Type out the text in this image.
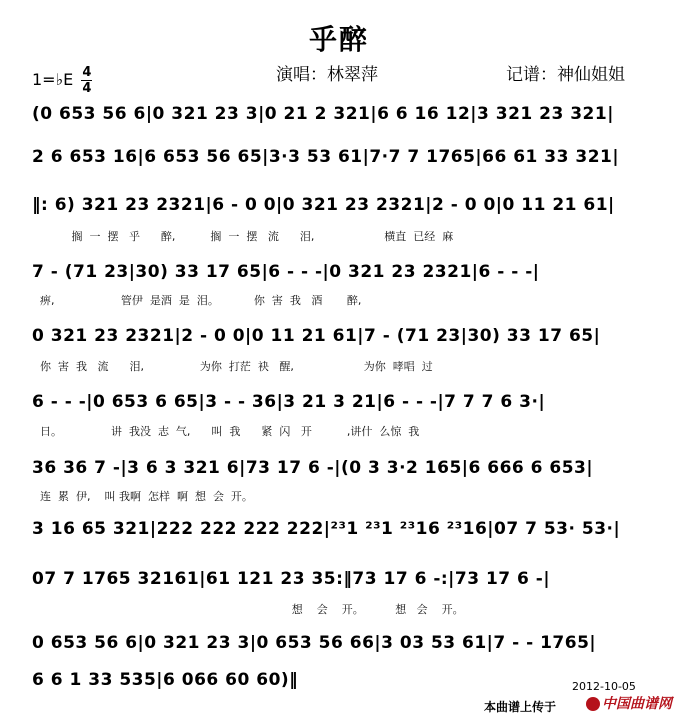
乎醉
演唱：林翠萍	记谱：神仙姐姐
1=♭E $\frac{4}{4}$
(0 653 56 6|0 321 23 3|0 21 2 321|6 6 16 12|3 321 23 321|
2 6 653 16|6 653 56 65|3·3 53 61|7·7 7 1765|66 61 33 321|
‖: 6) 321 23 2321|6 - 0 0|0 321 23 2321|2 - 0 0|0 11 21 61|
搁  一  摆   乎      醉,          搁  一  摆   流      泪,                    横直  已经  麻
7 - (71 23|30) 33 17 65|6 - - -|0 321 23 2321|6 - - -|
痹,                   管伊  是酒  是  泪。          你  害  我   酒       醉,
0 321 23 2321|2 - 0 0|0 11 21 61|7 - (71 23|30) 33 17 65|
你  害  我   流      泪,                为你  打茫  袂   醒,                    为你  哮唱  过
6 - - -|0 653 6 65|3 - - 36|3 21 3 21|6 - - -|7 7 7 6 3·|
日。              讲  我没  志  气,      叫  我      紧  闪   开          ,讲什  么惊  我
36 36 7 -|3 6 3 321 6|73 17 6 -|(0 3 3·2 165|6 666 6 653|
连  累  伊,    叫 我啊  怎样  啊  想  会  开。
3 16 65 321|222 222 222 222|²³1 ²³1 ²³16 ²³16|07 7 53· 53·|
07 7 1765 32161|61 121 23 35:‖73 17 6 -:|73 17 6 -|
想    会    开。         想   会    开。
0 653 56 6|0 321 23 3|0 653 56 66|3 03 53 61|7 - - 1765|
6 6 1 33 535|6 066 60 60)‖	2012-10-05
本曲谱上传于	中国曲谱网
